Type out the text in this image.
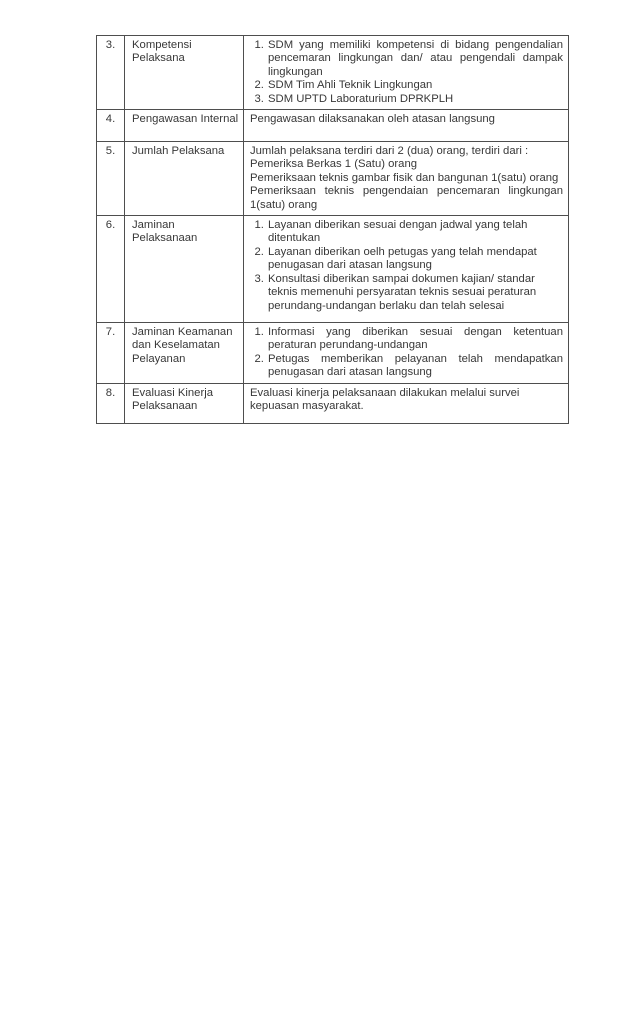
3.	Kompetensi Pelaksana	
1. SDM yang memiliki kompetensi di bidang pengendalian pencemaran lingkungan dan/ atau pengendali dampak lingkungan
2. SDM Tim Ahli Teknik Lingkungan
3. SDM UPTD Laboraturium DPRKPLH

4.	Pengawasan Internal	Pengawasan dilaksanakan oleh atasan langsung

5.	Jumlah Pelaksana	Jumlah pelaksana terdiri dari 2 (dua) orang, terdiri dari :
Pemeriksa Berkas 1 (Satu) orang
Pemeriksaan teknis gambar fisik dan bangunan 1(satu) orang
Pemeriksaan teknis pengendaian pencemaran lingkungan 1(satu) orang

6.	Jaminan Pelaksanaan	
1. Layanan diberikan sesuai dengan jadwal yang telah ditentukan
2. Layanan diberikan oelh petugas yang telah mendapat penugasan dari atasan langsung
3. Konsultasi diberikan sampai dokumen kajian/ standar teknis memenuhi persyaratan teknis sesuai peraturan perundang-undangan berlaku dan telah selesai

7.	Jaminan Keamanan dan Keselamatan Pelayanan	
1. Informasi yang diberikan sesuai dengan ketentuan peraturan perundang-undangan
2. Petugas memberikan pelayanan telah mendapatkan penugasan dari atasan langsung

8.	Evaluasi Kinerja Pelaksanaan	Evaluasi kinerja pelaksanaan dilakukan melalui survei kepuasan masyarakat.
